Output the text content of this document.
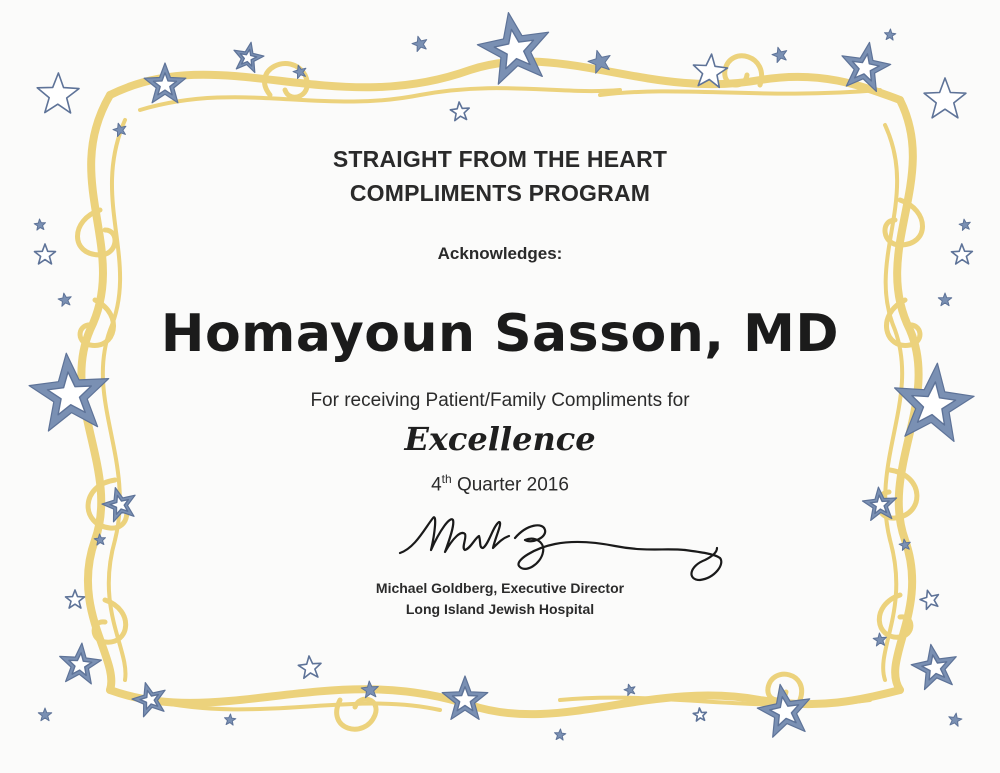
STRAIGHT FROM THE HEART

COMPLIMENTS PROGRAM

Acknowledges:

Homayoun Sasson, MD

For receiving Patient/Family Compliments for

Excellence

4th Quarter 2016

Michael Goldberg, Executive Director

Long Island Jewish Hospital
